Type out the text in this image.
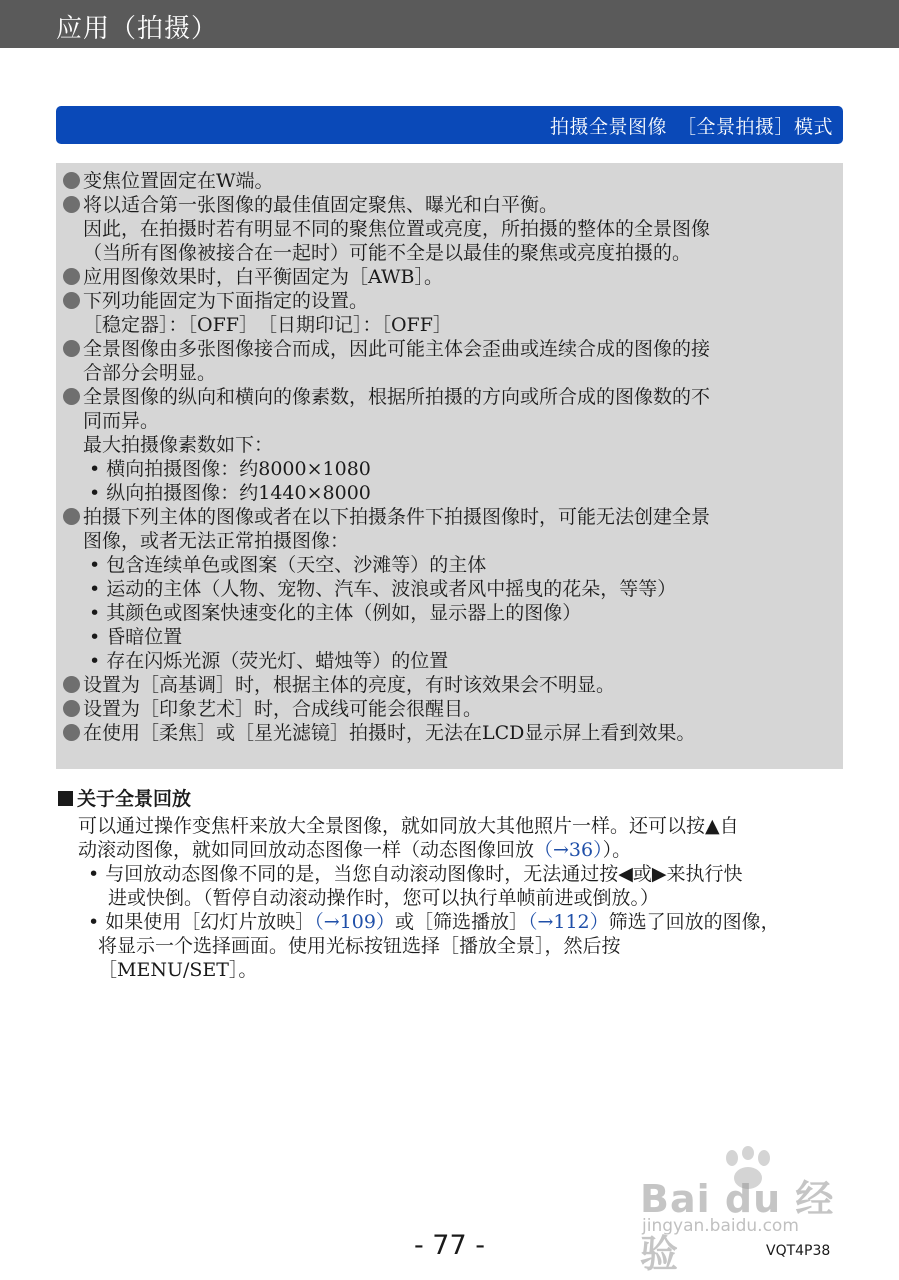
应用（拍摄）
拍摄全景图像　［全景拍摄］模式
变焦位置固定在W端。
将以适合第一张图像的最佳值固定聚焦、曝光和白平衡。
因此，在拍摄时若有明显不同的聚焦位置或亮度，所拍摄的整体的全景图像
（当所有图像被接合在一起时）可能不全是以最佳的聚焦或亮度拍摄的。
应用图像效果时，白平衡固定为［AWB］。
下列功能固定为下面指定的设置。
［稳定器］：［OFF］　［日期印记］：［OFF］
全景图像由多张图像接合而成，因此可能主体会歪曲或连续合成的图像的接
合部分会明显。
全景图像的纵向和横向的像素数，根据所拍摄的方向或所合成的图像数的不
同而异。
最大拍摄像素数如下：
• 横向拍摄图像：约8000×1080
• 纵向拍摄图像：约1440×8000
拍摄下列主体的图像或者在以下拍摄条件下拍摄图像时，可能无法创建全景
图像，或者无法正常拍摄图像：
• 包含连续单色或图案（天空、沙滩等）的主体
• 运动的主体（人物、宠物、汽车、波浪或者风中摇曳的花朵，等等）
• 其颜色或图案快速变化的主体（例如，显示器上的图像）
• 昏暗位置
• 存在闪烁光源（荧光灯、蜡烛等）的位置
设置为［高基调］时，根据主体的亮度，有时该效果会不明显。
设置为［印象艺术］时，合成线可能会很醒目。
在使用［柔焦］或［星光滤镜］拍摄时，无法在LCD显示屏上看到效果。
关于全景回放
可以通过操作变焦杆来放大全景图像，就如同放大其他照片一样。还可以按▲自
动滚动图像，就如同回放动态图像一样（动态图像回放（→36））。
• 与回放动态图像不同的是，当您自动滚动图像时，无法通过按◀或▶来执行快
进或快倒。（暂停自动滚动操作时，您可以执行单帧前进或倒放。）
• 如果使用［幻灯片放映］（→109）或［筛选播放］（→112）筛选了回放的图像，
将显示一个选择画面。使用光标按钮选择［播放全景］，然后按
［MENU/SET］。
Bai du 经验
jingyan.baidu.com
- 77 -	VQT4P38
